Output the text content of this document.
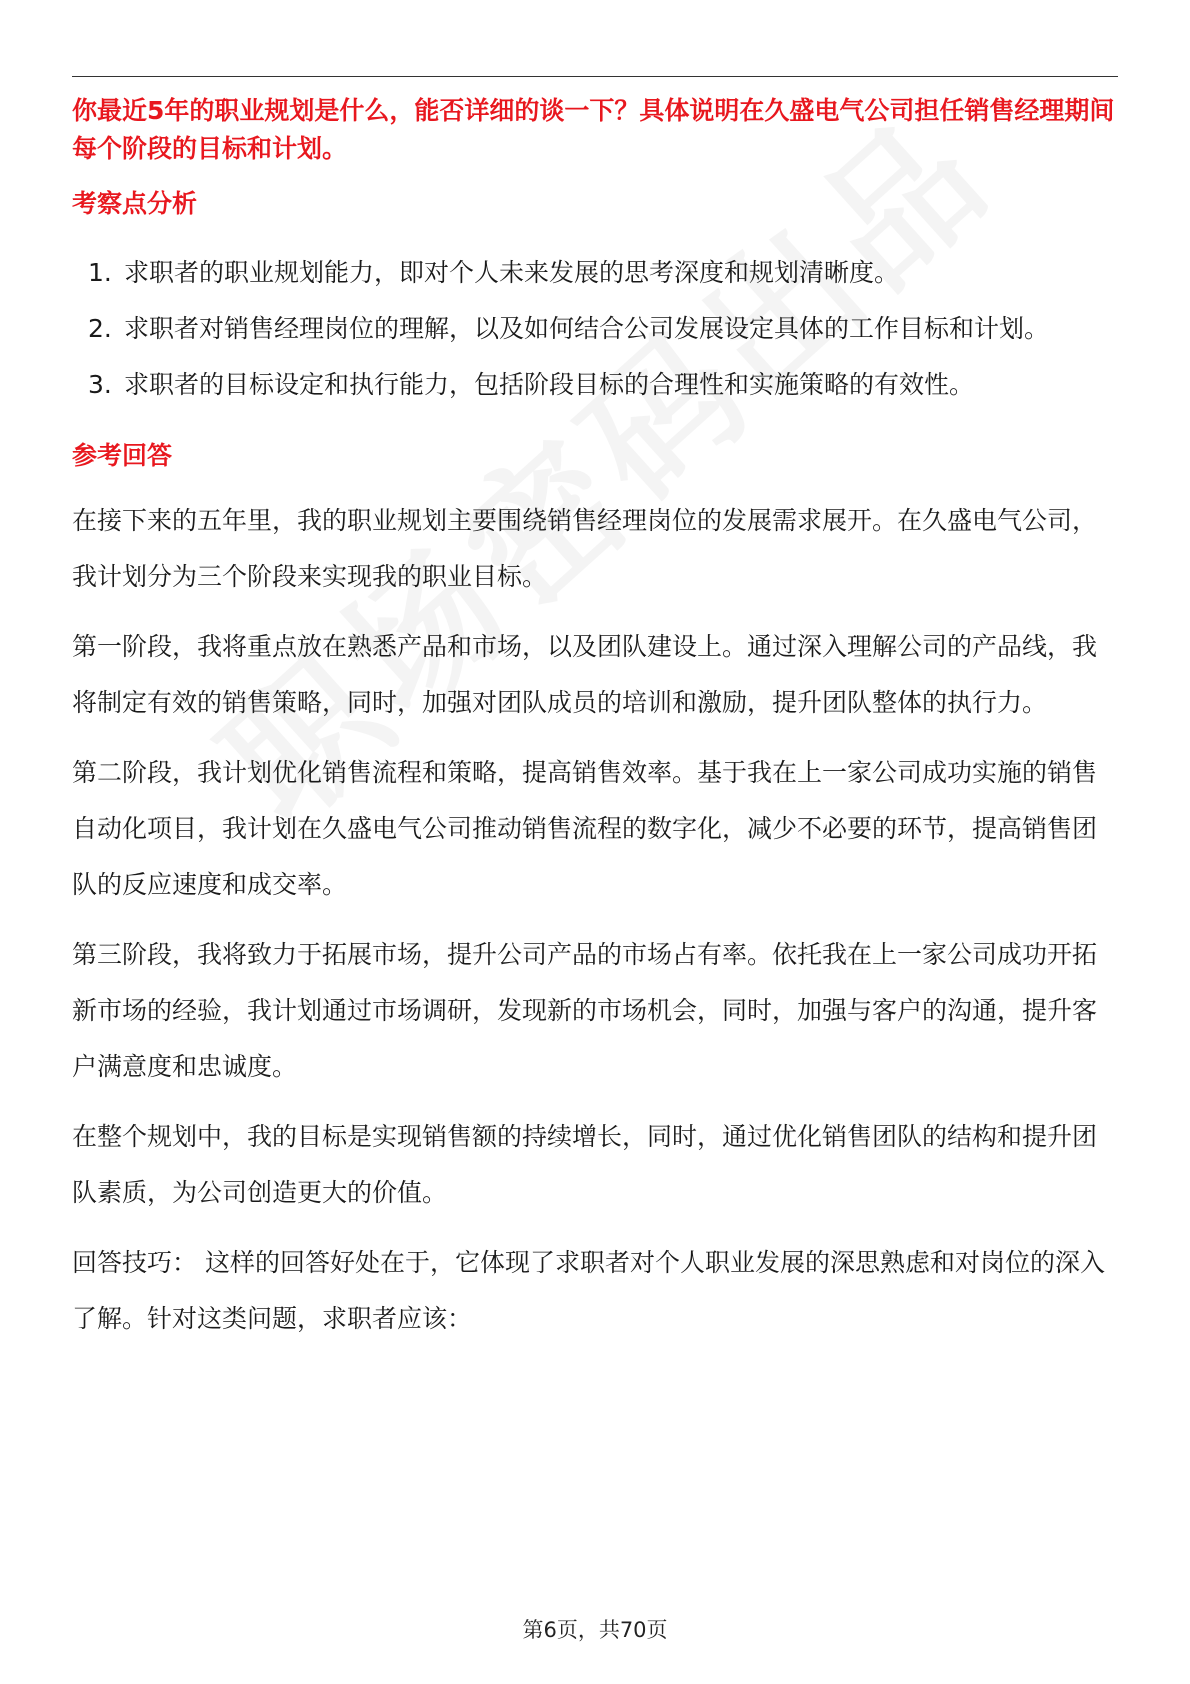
你最近5年的职业规划是什么，能否详细的谈一下？具体说明在久盛电气公司担任销售经理期间每个阶段的目标和计划。

考察点分析

1. 求职者的职业规划能力，即对个人未来发展的思考深度和规划清晰度。
2. 求职者对销售经理岗位的理解，以及如何结合公司发展设定具体的工作目标和计划。
3. 求职者的目标设定和执行能力，包括阶段目标的合理性和实施策略的有效性。

参考回答

在接下来的五年里，我的职业规划主要围绕销售经理岗位的发展需求展开。在久盛电气公司，我计划分为三个阶段来实现我的职业目标。

第一阶段，我将重点放在熟悉产品和市场，以及团队建设上。通过深入理解公司的产品线，我将制定有效的销售策略，同时，加强对团队成员的培训和激励，提升团队整体的执行力。

第二阶段，我计划优化销售流程和策略，提高销售效率。基于我在上一家公司成功实施的销售自动化项目，我计划在久盛电气公司推动销售流程的数字化，减少不必要的环节，提高销售团队的反应速度和成交率。

第三阶段，我将致力于拓展市场，提升公司产品的市场占有率。依托我在上一家公司成功开拓新市场的经验，我计划通过市场调研，发现新的市场机会，同时，加强与客户的沟通，提升客户满意度和忠诚度。

在整个规划中，我的目标是实现销售额的持续增长，同时，通过优化销售团队的结构和提升团队素质，为公司创造更大的价值。

回答技巧： 这样的回答好处在于，它体现了求职者对个人职业发展的深思熟虑和对岗位的深入了解。针对这类问题，求职者应该：

第6页，共70页
